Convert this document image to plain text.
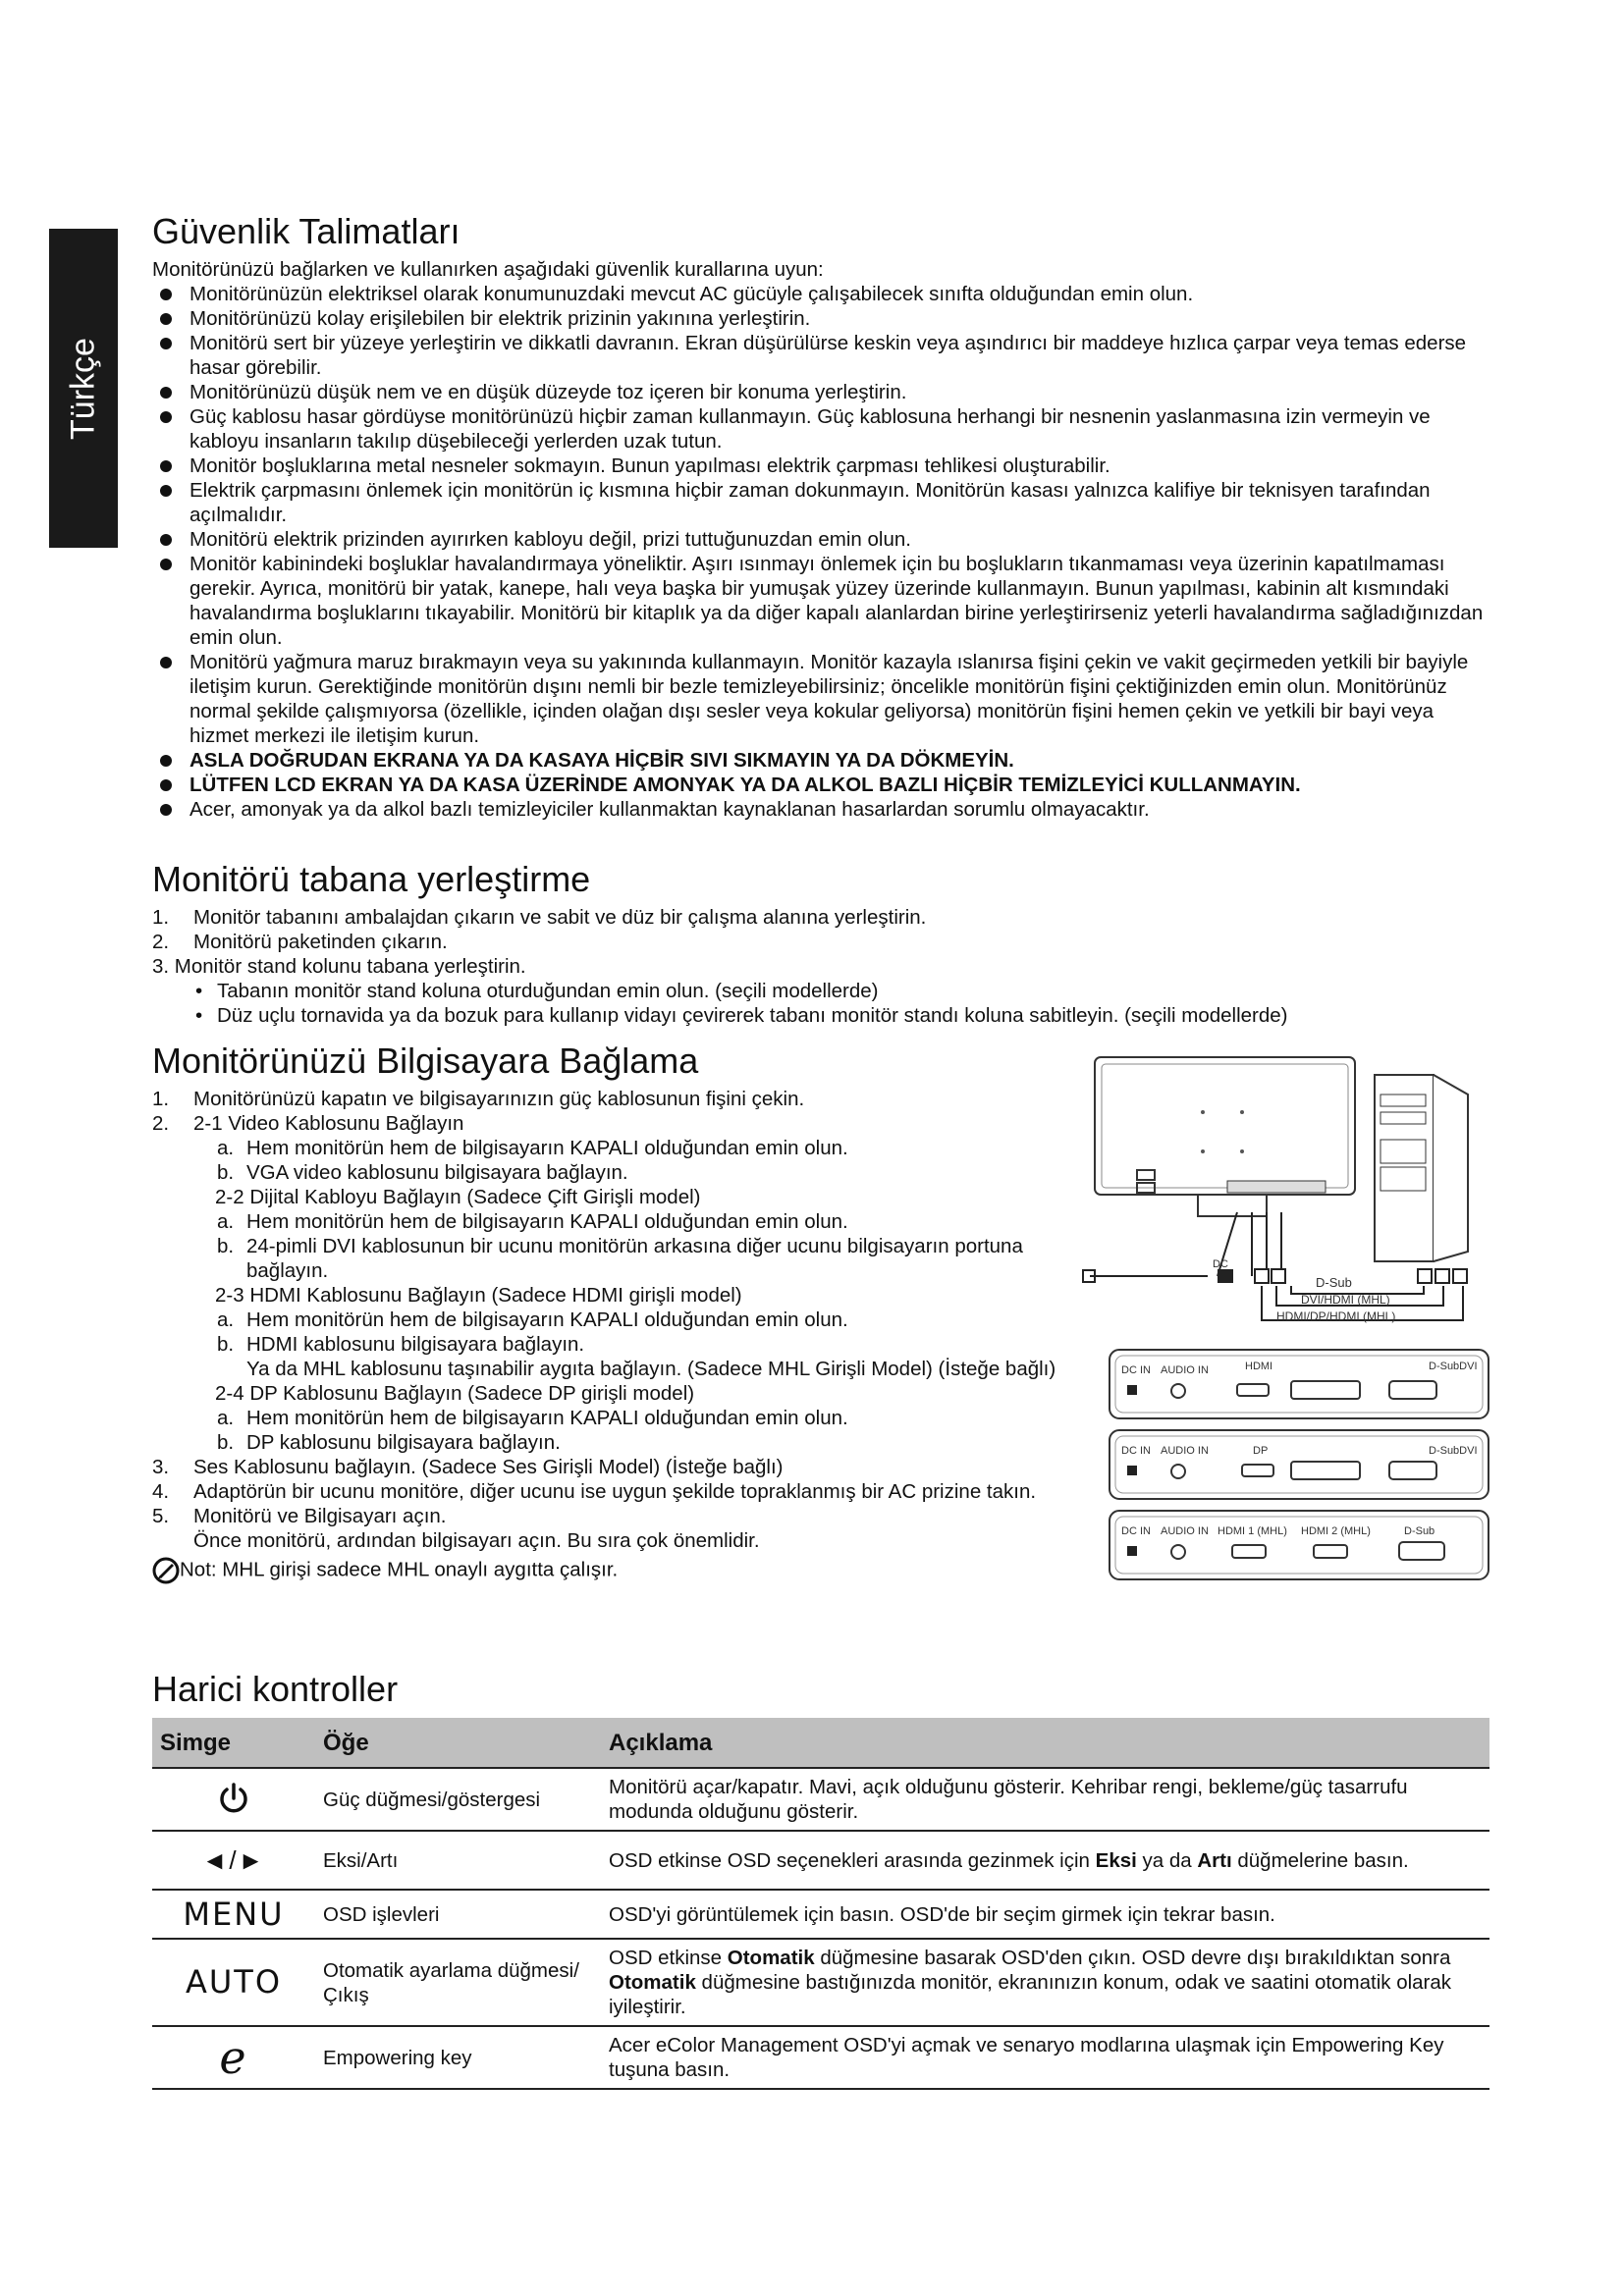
Türkçe
Güvenlik Talimatları

Monitörünüzü bağlarken ve kullanırken aşağıdaki güvenlik kurallarına uyun:

Monitörünüzün elektriksel olarak konumunuzdaki mevcut AC gücüyle çalışabilecek sınıfta olduğundan emin olun.
Monitörünüzü kolay erişilebilen bir elektrik prizinin yakınına yerleştirin.
Monitörü sert bir yüzeye yerleştirin ve dikkatli davranın. Ekran düşürülürse keskin veya aşındırıcı bir maddeye hızlıca çarpar veya temas ederse hasar görebilir.
Monitörünüzü düşük nem ve en düşük düzeyde toz içeren bir konuma yerleştirin.
Güç kablosu hasar gördüyse monitörünüzü hiçbir zaman kullanmayın. Güç kablosuna herhangi bir nesnenin yaslanmasına izin vermeyin ve kabloyu insanların takılıp düşebileceği yerlerden uzak tutun.
Monitör boşluklarına metal nesneler sokmayın. Bunun yapılması elektrik çarpması tehlikesi oluşturabilir.
Elektrik çarpmasını önlemek için monitörün iç kısmına hiçbir zaman dokunmayın. Monitörün kasası yalnızca kalifiye bir teknisyen tarafından açılmalıdır.
Monitörü elektrik prizinden ayırırken kabloyu değil, prizi tuttuğunuzdan emin olun.
Monitör kabinindeki boşluklar havalandırmaya yöneliktir. Aşırı ısınmayı önlemek için bu boşlukların tıkanmaması veya üzerinin kapatılmaması gerekir. Ayrıca, monitörü bir yatak, kanepe, halı veya başka bir yumuşak yüzey üzerinde kullanmayın. Bunun yapılması, kabinin alt kısmındaki havalandırma boşluklarını tıkayabilir. Monitörü bir kitaplık ya da diğer kapalı alanlardan birine yerleştirirseniz yeterli havalandırma sağladığınızdan emin olun.
Monitörü yağmura maruz bırakmayın veya su yakınında kullanmayın. Monitör kazayla ıslanırsa fişini çekin ve vakit geçirmeden yetkili bir bayiyle iletişim kurun. Gerektiğinde monitörün dışını nemli bir bezle temizleyebilirsiniz; öncelikle monitörün fişini çektiğinizden emin olun. Monitörünüz normal şekilde çalışmıyorsa (özellikle, içinden olağan dışı sesler veya kokular geliyorsa) monitörün fişini hemen çekin ve yetkili bir bayi veya hizmet merkezi ile iletişim kurun.
ASLA DOĞRUDAN EKRANA YA DA KASAYA HİÇBİR SIVI SIKMAYIN YA DA DÖKMEYİN.
LÜTFEN LCD EKRAN YA DA KASA ÜZERİNDE AMONYAK YA DA ALKOL BAZLI HİÇBİR TEMİZLEYİCİ KULLANMAYIN.
Acer, amonyak ya da alkol bazlı temizleyiciler kullanmaktan kaynaklanan hasarlardan sorumlu olmayacaktır.
Monitörü tabana yerleştirme
1. Monitör tabanını ambalajdan çıkarın ve sabit ve düz bir çalışma alanına yerleştirin.
2. Monitörü paketinden çıkarın.
3. Monitör stand kolunu tabana yerleştirin.
• Tabanın monitör stand koluna oturduğundan emin olun. (seçili modellerde)
• Düz uçlu tornavida ya da bozuk para kullanıp vidayı çevirerek tabanı monitör standı koluna sabitleyin. (seçili modellerde)
Monitörünüzü Bilgisayara Bağlama
1. Monitörünüzü kapatın ve bilgisayarınızın güç kablosunun fişini çekin.
2. 2-1 Video Kablosunu Bağlayın
a. Hem monitörün hem de bilgisayarın KAPALI olduğundan emin olun.
b. VGA video kablosunu bilgisayara bağlayın.
2-2 Dijital Kabloyu Bağlayın (Sadece Çift Girişli model)
a. Hem monitörün hem de bilgisayarın KAPALI olduğundan emin olun.
b. 24-pimli DVI kablosunun bir ucunu monitörün arkasına diğer ucunu bilgisayarın portuna bağlayın.
2-3 HDMI Kablosunu Bağlayın (Sadece HDMI girişli model)
a. Hem monitörün hem de bilgisayarın KAPALI olduğundan emin olun.
b. HDMI kablosunu bilgisayara bağlayın.
Ya da MHL kablosunu taşınabilir aygıta bağlayın. (Sadece MHL Girişli Model) (İsteğe bağlı)
2-4 DP Kablosunu Bağlayın (Sadece DP girişli model)
a. Hem monitörün hem de bilgisayarın KAPALI olduğundan emin olun.
b. DP kablosunu bilgisayara bağlayın.
3. Ses Kablosunu bağlayın. (Sadece Ses Girişli Model) (İsteğe bağlı)
4. Adaptörün bir ucunu monitöre, diğer ucunu ise uygun şekilde topraklanmış bir AC prizine takın.
5. Monitörü ve Bilgisayarı açın.
Önce monitörü, ardından bilgisayarı açın. Bu sıra çok önemlidir.
Not: MHL girişi sadece MHL onaylı aygıtta çalışır.
DC
D-Sub
DVI/HDMI (MHL)
HDMI/DP/HDMI (MHL)
DC IN AUDIO IN	HDMI	D-SubDVI
DC IN AUDIO IN	DP	D-SubDVI
DC IN AUDIO IN HDMI 1 (MHL) HDMI 2 (MHL)	D-Sub
Harici kontroller
Simge	Öğe	Açıklama
	Güç düğmesi/göstergesi	Monitörü açar/kapatır. Mavi, açık olduğunu gösterir. Kehribar rengi, bekleme/güç tasarrufu modunda olduğunu gösterir.
◄/►	Eksi/Artı	OSD etkinse OSD seçenekleri arasında gezinmek için Eksi ya da Artı düğmelerine basın.
MENU	OSD işlevleri	OSD'yi görüntülemek için basın. OSD'de bir seçim girmek için tekrar basın.
AUTO	Otomatik ayarlama düğmesi/Çıkış	OSD etkinse Otomatik düğmesine basarak OSD'den çıkın. OSD devre dışı bırakıldıktan sonra Otomatik düğmesine bastığınızda monitör, ekranınızın konum, odak ve saatini otomatik olarak iyileştirir.
e	Empowering key	Acer eColor Management OSD'yi açmak ve senaryo modlarına ulaşmak için Empowering Key tuşuna basın.
